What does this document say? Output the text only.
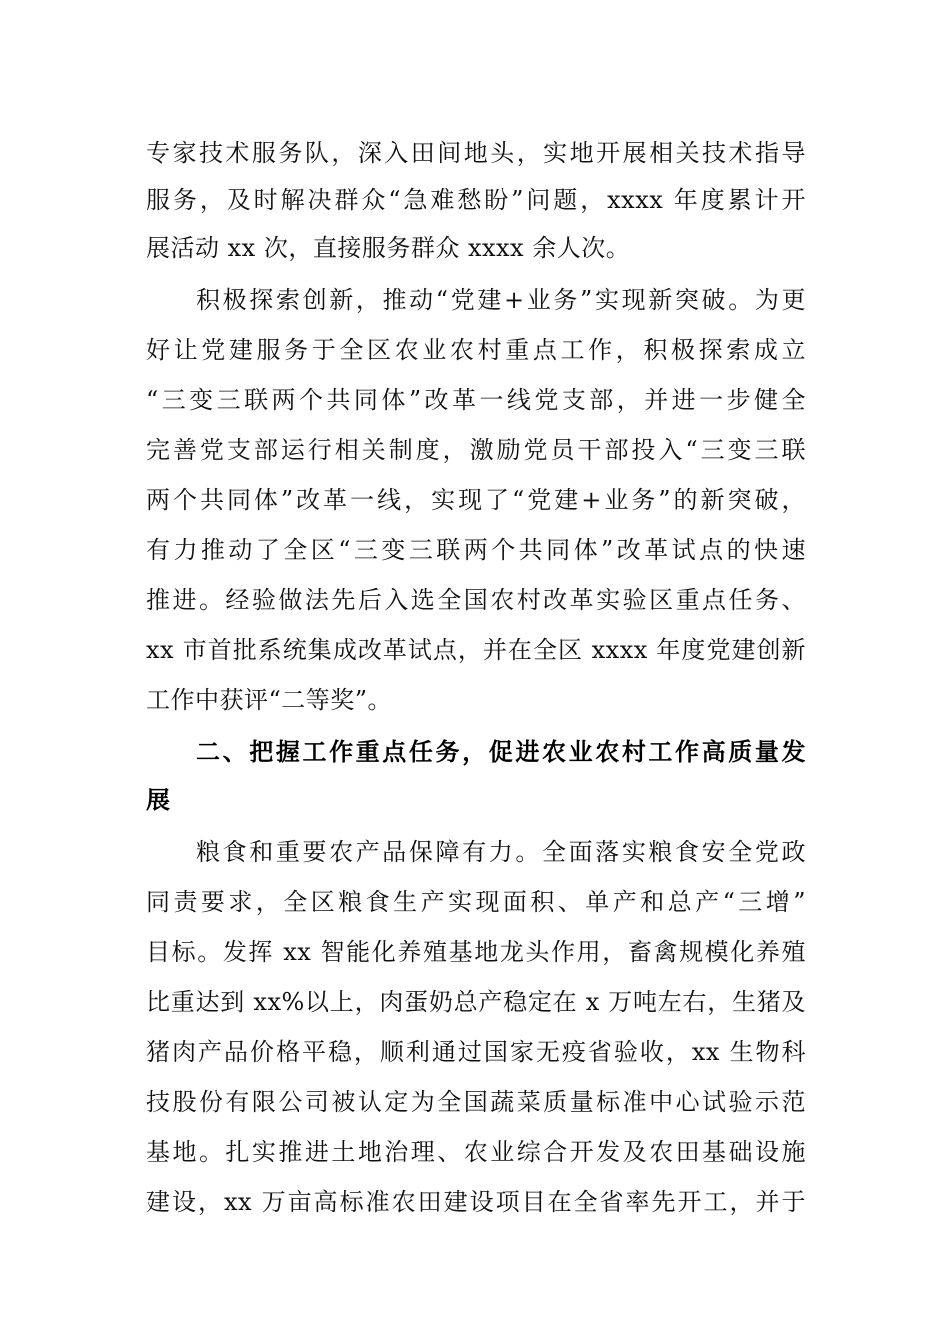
专家技术服务队，深入田间地头，实地开展相关技术指导
服务，及时解决群众“急难愁盼”问题，xxxx 年度累计开
展活动 xx 次，直接服务群众 xxxx 余人次。
积极探索创新，推动“党建+业务”实现新突破。为更
好让党建服务于全区农业农村重点工作，积极探索成立
“三变三联两个共同体”改革一线党支部，并进一步健全
完善党支部运行相关制度，激励党员干部投入“三变三联
两个共同体”改革一线，实现了“党建+业务”的新突破，
有力推动了全区“三变三联两个共同体”改革试点的快速
推进。经验做法先后入选全国农村改革实验区重点任务、
xx 市首批系统集成改革试点，并在全区 xxxx 年度党建创新
工作中获评“二等奖”。
二、把握工作重点任务，促进农业农村工作高质量发
展
粮食和重要农产品保障有力。全面落实粮食安全党政
同责要求，全区粮食生产实现面积、单产和总产“三增”
目标。发挥 xx 智能化养殖基地龙头作用，畜禽规模化养殖
比重达到 xx%以上，肉蛋奶总产稳定在 x 万吨左右，生猪及
猪肉产品价格平稳，顺利通过国家无疫省验收，xx 生物科
技股份有限公司被认定为全国蔬菜质量标准中心试验示范
基地。扎实推进土地治理、农业综合开发及农田基础设施
建设，xx 万亩高标准农田建设项目在全省率先开工，并于
